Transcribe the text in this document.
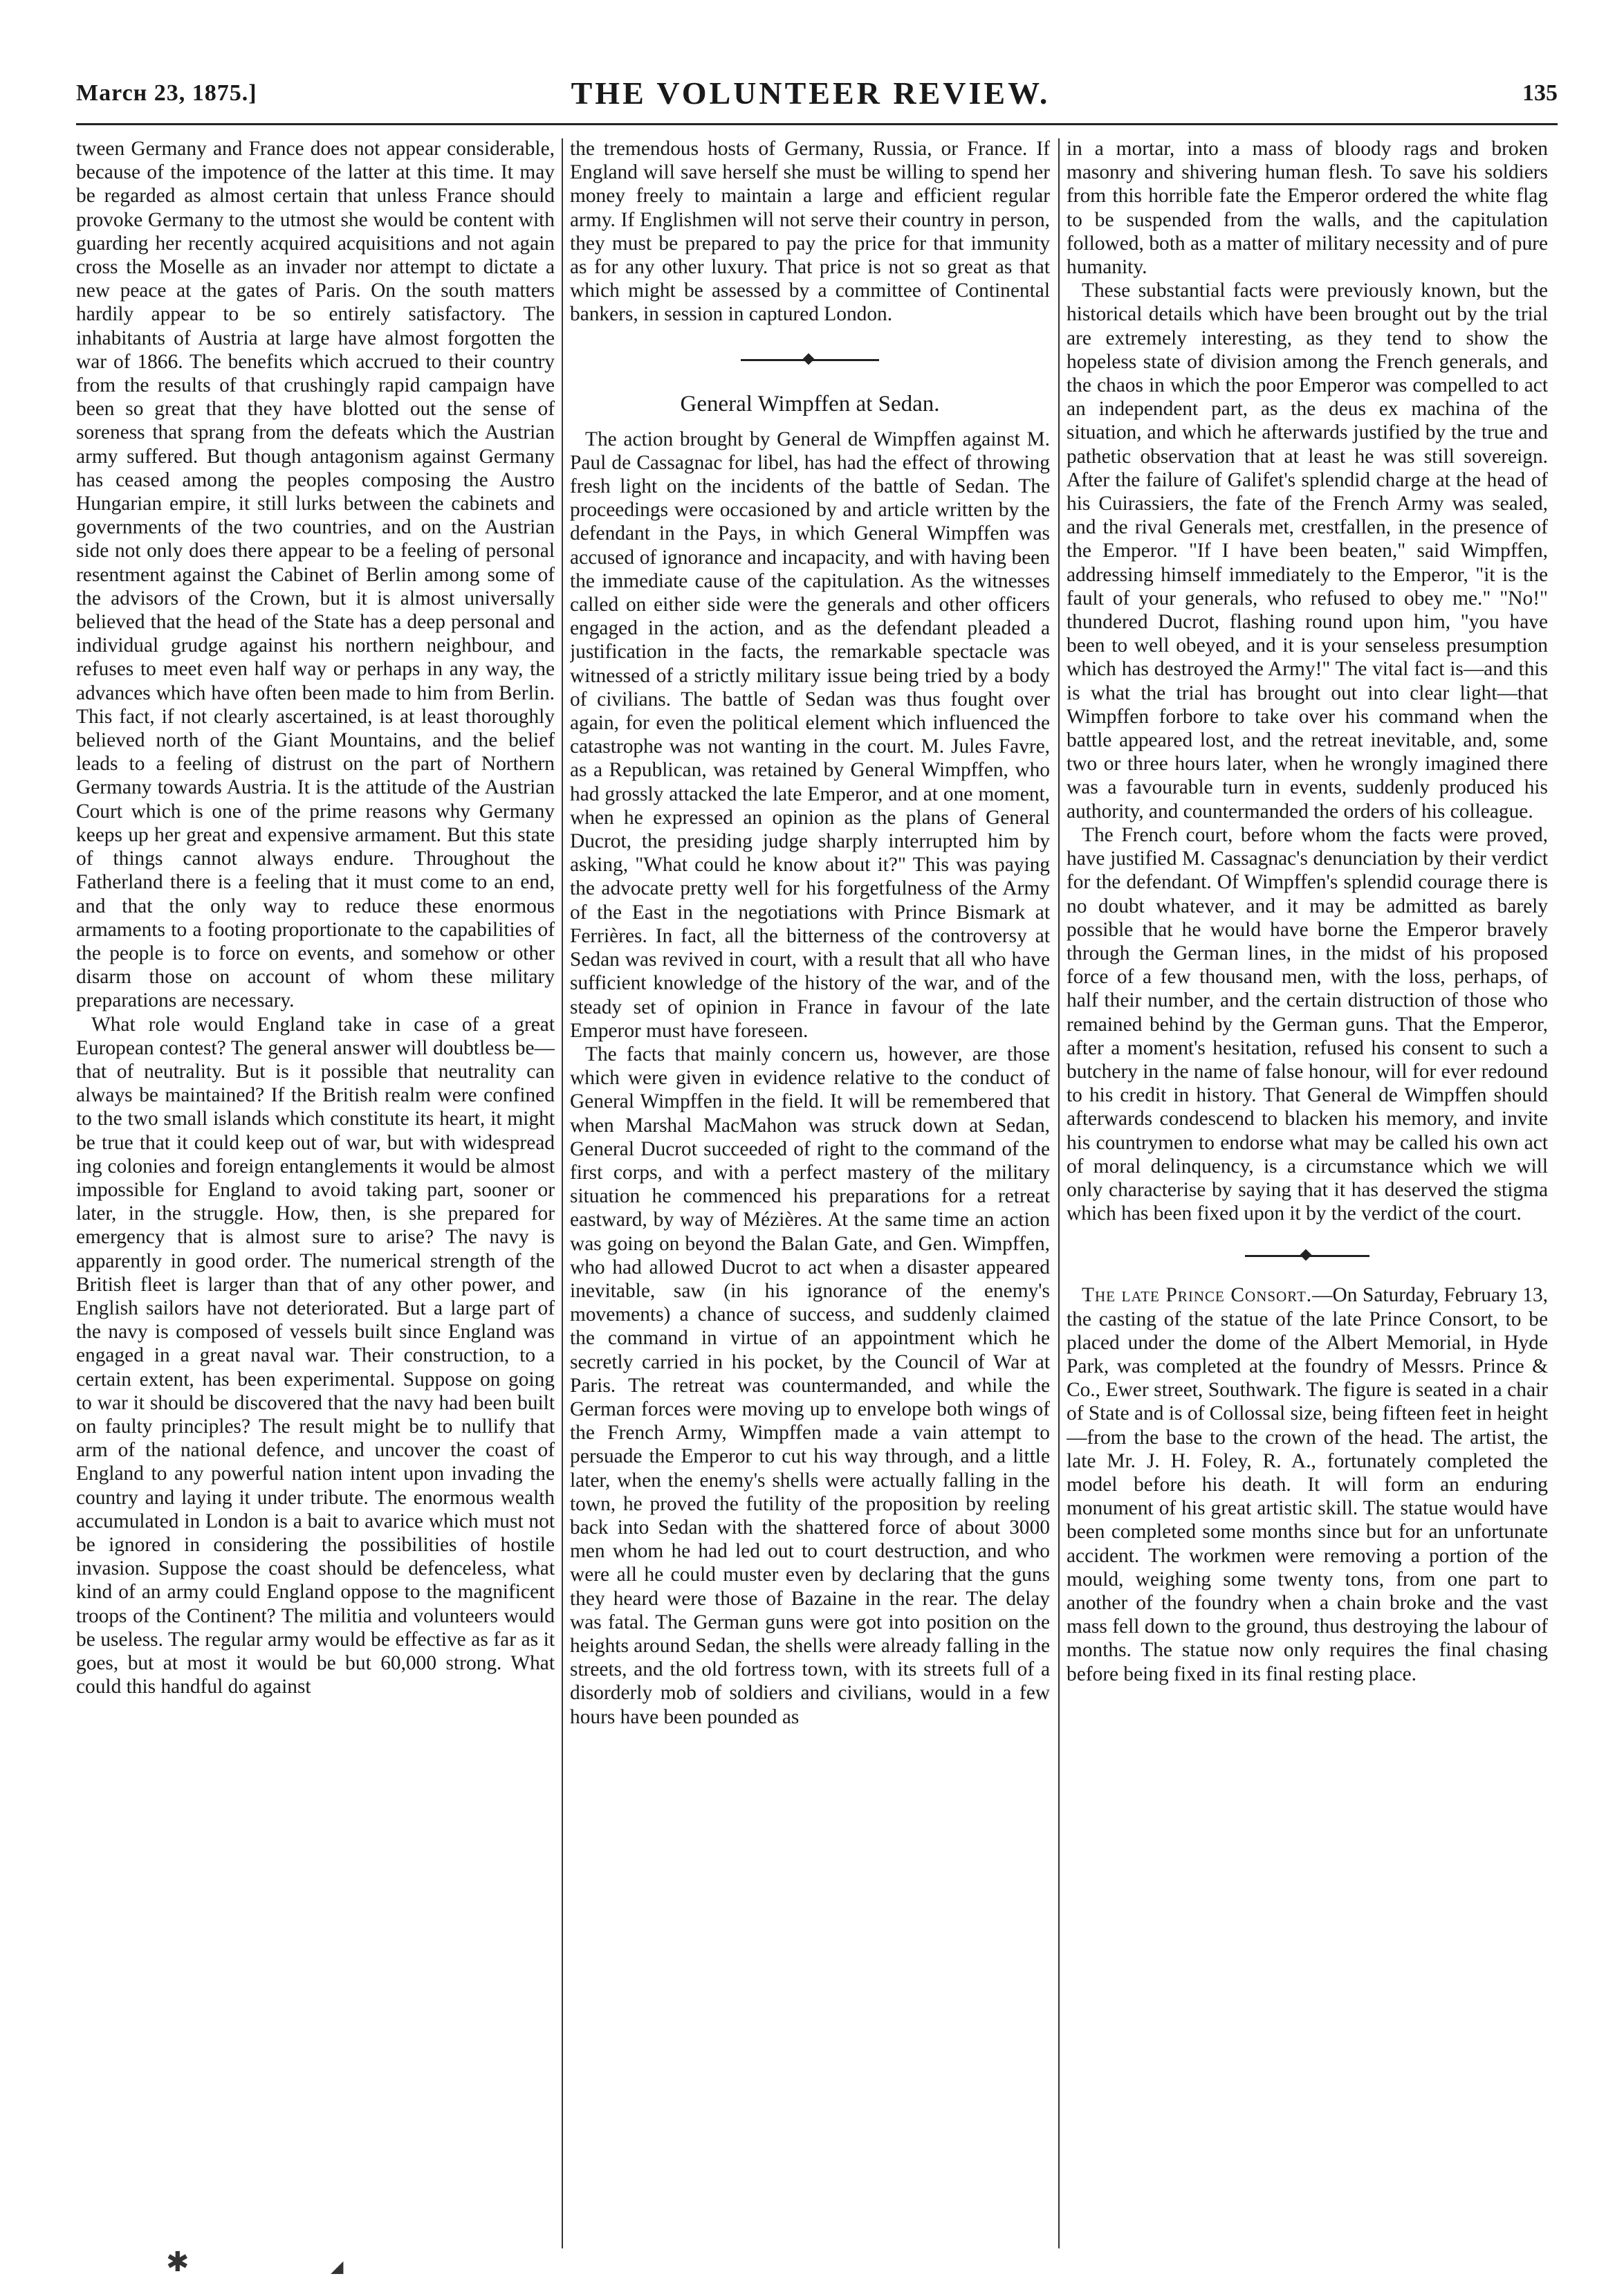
Marcн 23, 1875.]	THE VOLUNTEER REVIEW.	135

tween Germany and France does not appear considerable, because of the impotence of the latter at this time. It may be regarded as almost certain that unless France should provoke Germany to the utmost she would be content with guarding her recently acquired acquisitions and not again cross the Moselle as an invader nor attempt to dictate a new peace at the gates of Paris. On the south matters hardily appear to be so entirely satisfactory. The inhabitants of Austria at large have almost forgotten the war of 1866. The benefits which accrued to their country from the results of that crushingly rapid campaign have been so great that they have blotted out the sense of soreness that sprang from the defeats which the Austrian army suffered. But though antagonism against Germany has ceased among the peoples composing the Austro Hungarian empire, it still lurks between the cabinets and governments of the two countries, and on the Austrian side not only does there appear to be a feeling of personal resentment against the Cabinet of Berlin among some of the advisors of the Crown, but it is almost universally believed that the head of the State has a deep personal and individual grudge against his northern neighbour, and refuses to meet even half way or perhaps in any way, the advances which have often been made to him from Berlin. This fact, if not clearly ascertained, is at least thoroughly believed north of the Giant Mountains, and the belief leads to a feeling of distrust on the part of Northern Germany towards Austria. It is the attitude of the Austrian Court which is one of the prime reasons why Germany keeps up her great and expensive armament. But this state of things cannot always endure. Throughout the Fatherland there is a feeling that it must come to an end, and that the only way to reduce these enormous armaments to a footing proportionate to the capabilities of the people is to force on events, and somehow or other disarm those on account of whom these military preparations are necessary.

What role would England take in case of a great European contest? The general answer will doubtless be—that of neutrality. But is it possible that neutrality can always be maintained? If the British realm were confined to the two small islands which constitute its heart, it might be true that it could keep out of war, but with widespread ing colonies and foreign entanglements it would be almost impossible for England to avoid taking part, sooner or later, in the struggle. How, then, is she prepared for emergency that is almost sure to arise? The navy is apparently in good order. The numerical strength of the British fleet is larger than that of any other power, and English sailors have not deteriorated. But a large part of the navy is composed of vessels built since England was engaged in a great naval war. Their construction, to a certain extent, has been experimental. Suppose on going to war it should be discovered that the navy had been built on faulty principles? The result might be to nullify that arm of the national defence, and uncover the coast of England to any powerful nation intent upon invading the country and laying it under tribute. The enormous wealth accumulated in London is a bait to avarice which must not be ignored in considering the possibilities of hostile invasion. Suppose the coast should be defenceless, what kind of an army could England oppose to the magnificent troops of the Continent? The militia and volunteers would be useless. The regular army would be effective as far as it goes, but at most it would be but 60,000 strong. What could this handful do against

the tremendous hosts of Germany, Russia, or France. If England will save herself she must be willing to spend her money freely to maintain a large and efficient regular army. If Englishmen will not serve their country in person, they must be prepared to pay the price for that immunity as for any other luxury. That price is not so great as that which might be assessed by a committee of Continental bankers, in session in captured London.

General Wimpffen at Sedan.

The action brought by General de Wimpffen against M. Paul de Cassagnac for libel, has had the effect of throwing fresh light on the incidents of the battle of Sedan. The proceedings were occasioned by and article written by the defendant in the Pays, in which General Wimpffen was accused of ignorance and incapacity, and with having been the immediate cause of the capitulation. As the witnesses called on either side were the generals and other officers engaged in the action, and as the defendant pleaded a justification in the facts, the remarkable spectacle was witnessed of a strictly military issue being tried by a body of civilians. The battle of Sedan was thus fought over again, for even the political element which influenced the catastrophe was not wanting in the court. M. Jules Favre, as a Republican, was retained by General Wimpffen, who had grossly attacked the late Emperor, and at one moment, when he expressed an opinion as the plans of General Ducrot, the presiding judge sharply interrupted him by asking, "What could he know about it?" This was paying the advocate pretty well for his forgetfulness of the Army of the East in the negotiations with Prince Bismark at Ferrières. In fact, all the bitterness of the controversy at Sedan was revived in court, with a result that all who have sufficient knowledge of the history of the war, and of the steady set of opinion in France in favour of the late Emperor must have foreseen.

The facts that mainly concern us, however, are those which were given in evidence relative to the conduct of General Wimpffen in the field. It will be remembered that when Marshal MacMahon was struck down at Sedan, General Ducrot succeeded of right to the command of the first corps, and with a perfect mastery of the military situation he commenced his preparations for a retreat eastward, by way of Mézières. At the same time an action was going on beyond the Balan Gate, and Gen. Wimpffen, who had allowed Ducrot to act when a disaster appeared inevitable, saw (in his ignorance of the enemy's movements) a chance of success, and suddenly claimed the command in virtue of an appointment which he secretly carried in his pocket, by the Council of War at Paris. The retreat was countermanded, and while the German forces were moving up to envelope both wings of the French Army, Wimpffen made a vain attempt to persuade the Emperor to cut his way through, and a little later, when the enemy's shells were actually falling in the town, he proved the futility of the proposition by reeling back into Sedan with the shattered force of about 3000 men whom he had led out to court destruction, and who were all he could muster even by declaring that the guns they heard were those of Bazaine in the rear. The delay was fatal. The German guns were got into position on the heights around Sedan, the shells were already falling in the streets, and the old fortress town, with its streets full of a disorderly mob of soldiers and civilians, would in a few hours have been pounded as

in a mortar, into a mass of bloody rags and broken masonry and shivering human flesh. To save his soldiers from this horrible fate the Emperor ordered the white flag to be suspended from the walls, and the capitulation followed, both as a matter of military necessity and of pure humanity.

These substantial facts were previously known, but the historical details which have been brought out by the trial are extremely interesting, as they tend to show the hopeless state of division among the French generals, and the chaos in which the poor Emperor was compelled to act an independent part, as the deus ex machina of the situation, and which he afterwards justified by the true and pathetic observation that at least he was still sovereign. After the failure of Galifet's splendid charge at the head of his Cuirassiers, the fate of the French Army was sealed, and the rival Generals met, crestfallen, in the presence of the Emperor. "If I have been beaten," said Wimpffen, addressing himself immediately to the Emperor, "it is the fault of your generals, who refused to obey me." "No!" thundered Ducrot, flashing round upon him, "you have been to well obeyed, and it is your senseless presumption which has destroyed the Army!" The vital fact is—and this is what the trial has brought out into clear light—that Wimpffen forbore to take over his command when the battle appeared lost, and the retreat inevitable, and, some two or three hours later, when he wrongly imagined there was a favourable turn in events, suddenly produced his authority, and countermanded the orders of his colleague.

The French court, before whom the facts were proved, have justified M. Cassagnac's denunciation by their verdict for the defendant. Of Wimpffen's splendid courage there is no doubt whatever, and it may be admitted as barely possible that he would have borne the Emperor bravely through the German lines, in the midst of his proposed force of a few thousand men, with the loss, perhaps, of half their number, and the certain distruction of those who remained behind by the German guns. That the Emperor, after a moment's hesitation, refused his consent to such a butchery in the name of false honour, will for ever redound to his credit in history. That General de Wimpffen should afterwards condescend to blacken his memory, and invite his countrymen to endorse what may be called his own act of moral delinquency, is a circumstance which we will only characterise by saying that it has deserved the stigma which has been fixed upon it by the verdict of the court.

The late Prince Consort.—On Saturday, February 13, the casting of the statue of the late Prince Consort, to be placed under the dome of the Albert Memorial, in Hyde Park, was completed at the foundry of Messrs. Prince & Co., Ewer street, Southwark. The figure is seated in a chair of State and is of Collossal size, being fifteen feet in height—from the base to the crown of the head. The artist, the late Mr. J. H. Foley, R. A., fortunately completed the model before his death. It will form an enduring monument of his great artistic skill. The statue would have been completed some months since but for an unfortunate accident. The workmen were removing a portion of the mould, weighing some twenty tons, from one part to another of the foundry when a chain broke and the vast mass fell down to the ground, thus destroying the labour of months. The statue now only requires the final chasing before being fixed in its final resting place.

✱	◢
